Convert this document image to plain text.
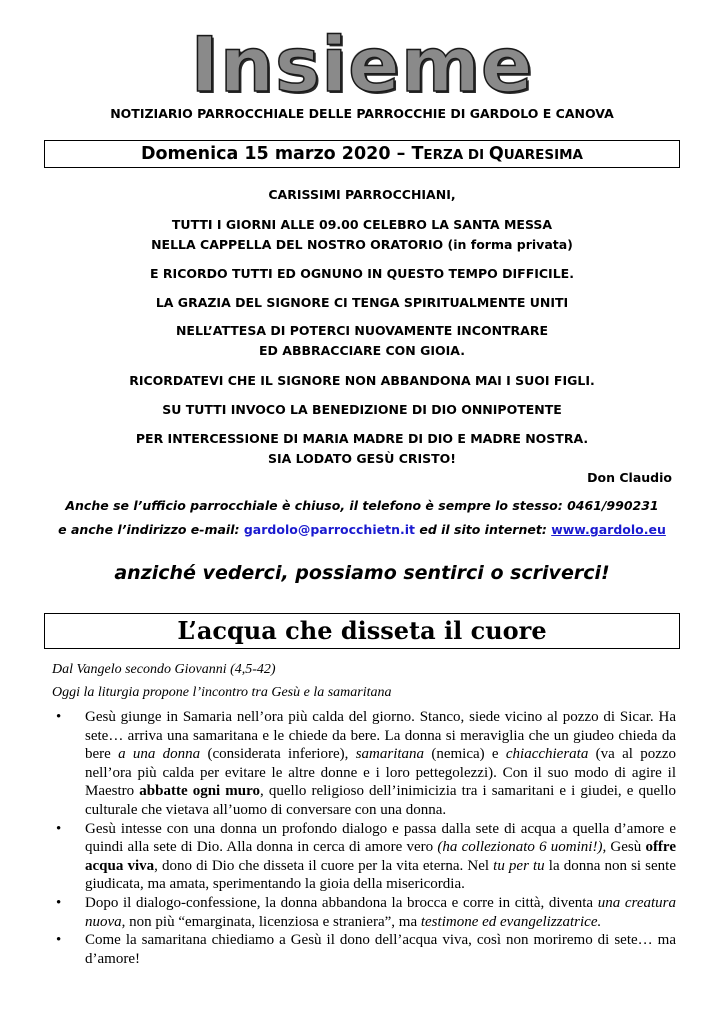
Insieme
NOTIZIARIO PARROCCHIALE DELLE PARROCCHIE DI GARDOLO E CANOVA
Domenica 15 marzo 2020 – TERZA DI QUARESIMA
CARISSIMI PARROCCHIANI,
TUTTI I GIORNI ALLE 09.00 CELEBRO LA SANTA MESSA
NELLA CAPPELLA DEL NOSTRO ORATORIO (in forma privata)
E RICORDO TUTTI ED OGNUNO IN QUESTO TEMPO DIFFICILE.
LA GRAZIA DEL SIGNORE CI TENGA SPIRITUALMENTE UNITI
NELL’ATTESA DI POTERCI NUOVAMENTE INCONTRARE
ED ABBRACCIARE CON GIOIA.
RICORDATEVI CHE IL SIGNORE NON ABBANDONA MAI I SUOI FIGLI.
SU TUTTI INVOCO LA BENEDIZIONE DI DIO ONNIPOTENTE
PER INTERCESSIONE DI MARIA MADRE DI DIO E MADRE NOSTRA.
SIA LODATO GESÙ CRISTO!
Don Claudio
Anche se l’ufficio parrocchiale è chiuso, il telefono è sempre lo stesso: 0461/990231
e anche l’indirizzo e-mail: gardolo@parrocchietn.it ed il sito internet: www.gardolo.eu
anziché vederci, possiamo sentirci o scriverci!
L’acqua che disseta il cuore
Dal Vangelo secondo Giovanni (4,5-42)
Oggi la liturgia propone l’incontro tra Gesù e la samaritana
• Gesù giunge in Samaria nell’ora più calda del giorno. Stanco, siede vicino al pozzo di Sicar. Ha sete… arriva una samaritana e le chiede da bere. La donna si meraviglia che un giudeo chieda da bere a una donna (considerata inferiore), samaritana (nemica) e chiacchierata (va al pozzo nell’ora più calda per evitare le altre donne e i loro pettegolezzi). Con il suo modo di agire il Maestro abbatte ogni muro, quello religioso dell’inimicizia tra i samaritani e i giudei, e quello culturale che vietava all’uomo di conversare con una donna.
• Gesù intesse con una donna un profondo dialogo e passa dalla sete di acqua a quella d’amore e quindi alla sete di Dio. Alla donna in cerca di amore vero (ha collezionato 6 uomini!), Gesù offre acqua viva, dono di Dio che disseta il cuore per la vita eterna. Nel tu per tu la donna non si sente giudicata, ma amata, sperimentando la gioia della misericordia.
• Dopo il dialogo-confessione, la donna abbandona la brocca e corre in città, diventa una creatura nuova, non più “emarginata, licenziosa e straniera”, ma testimone ed evangelizzatrice.
• Come la samaritana chiediamo a Gesù il dono dell’acqua viva, così non moriremo di sete… ma d’amore!
